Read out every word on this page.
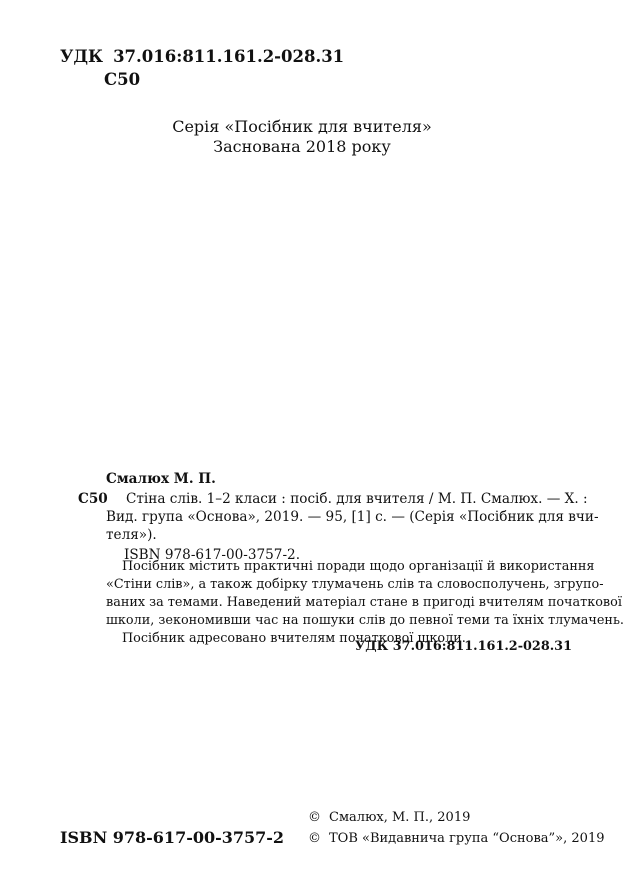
УДК 37.016:811.161.2-028.31
С50
Серія «Посібник для вчителя»
Заснована 2018 року
Смалюх М. П.
С50 Стіна слів. 1–2 класи : посіб. для вчителя / М. П. Смалюх. — Х. :
Вид. група «Основа», 2019. — 95, [1] с. — (Серія «Посібник для вчи-
теля»).
ISBN 978-617-00-3757-2.
Посібник містить практичні поради щодо організації й використання
«Стіни слів», а також добірку тлумачень слів та словосполучень, згрупо-
ваних за темами. Наведений матеріал стане в пригоді вчителям початкової
школи, зекономивши час на пошуки слів до певної теми та їхніх тлумачень.
Посібник адресовано вчителям початкової школи.
УДК 37.016:811.161.2-028.31
ISBN 978-617-00-3757-2
© Смалюх, М. П., 2019
© ТОВ «Видавнича група “Основа”», 2019
